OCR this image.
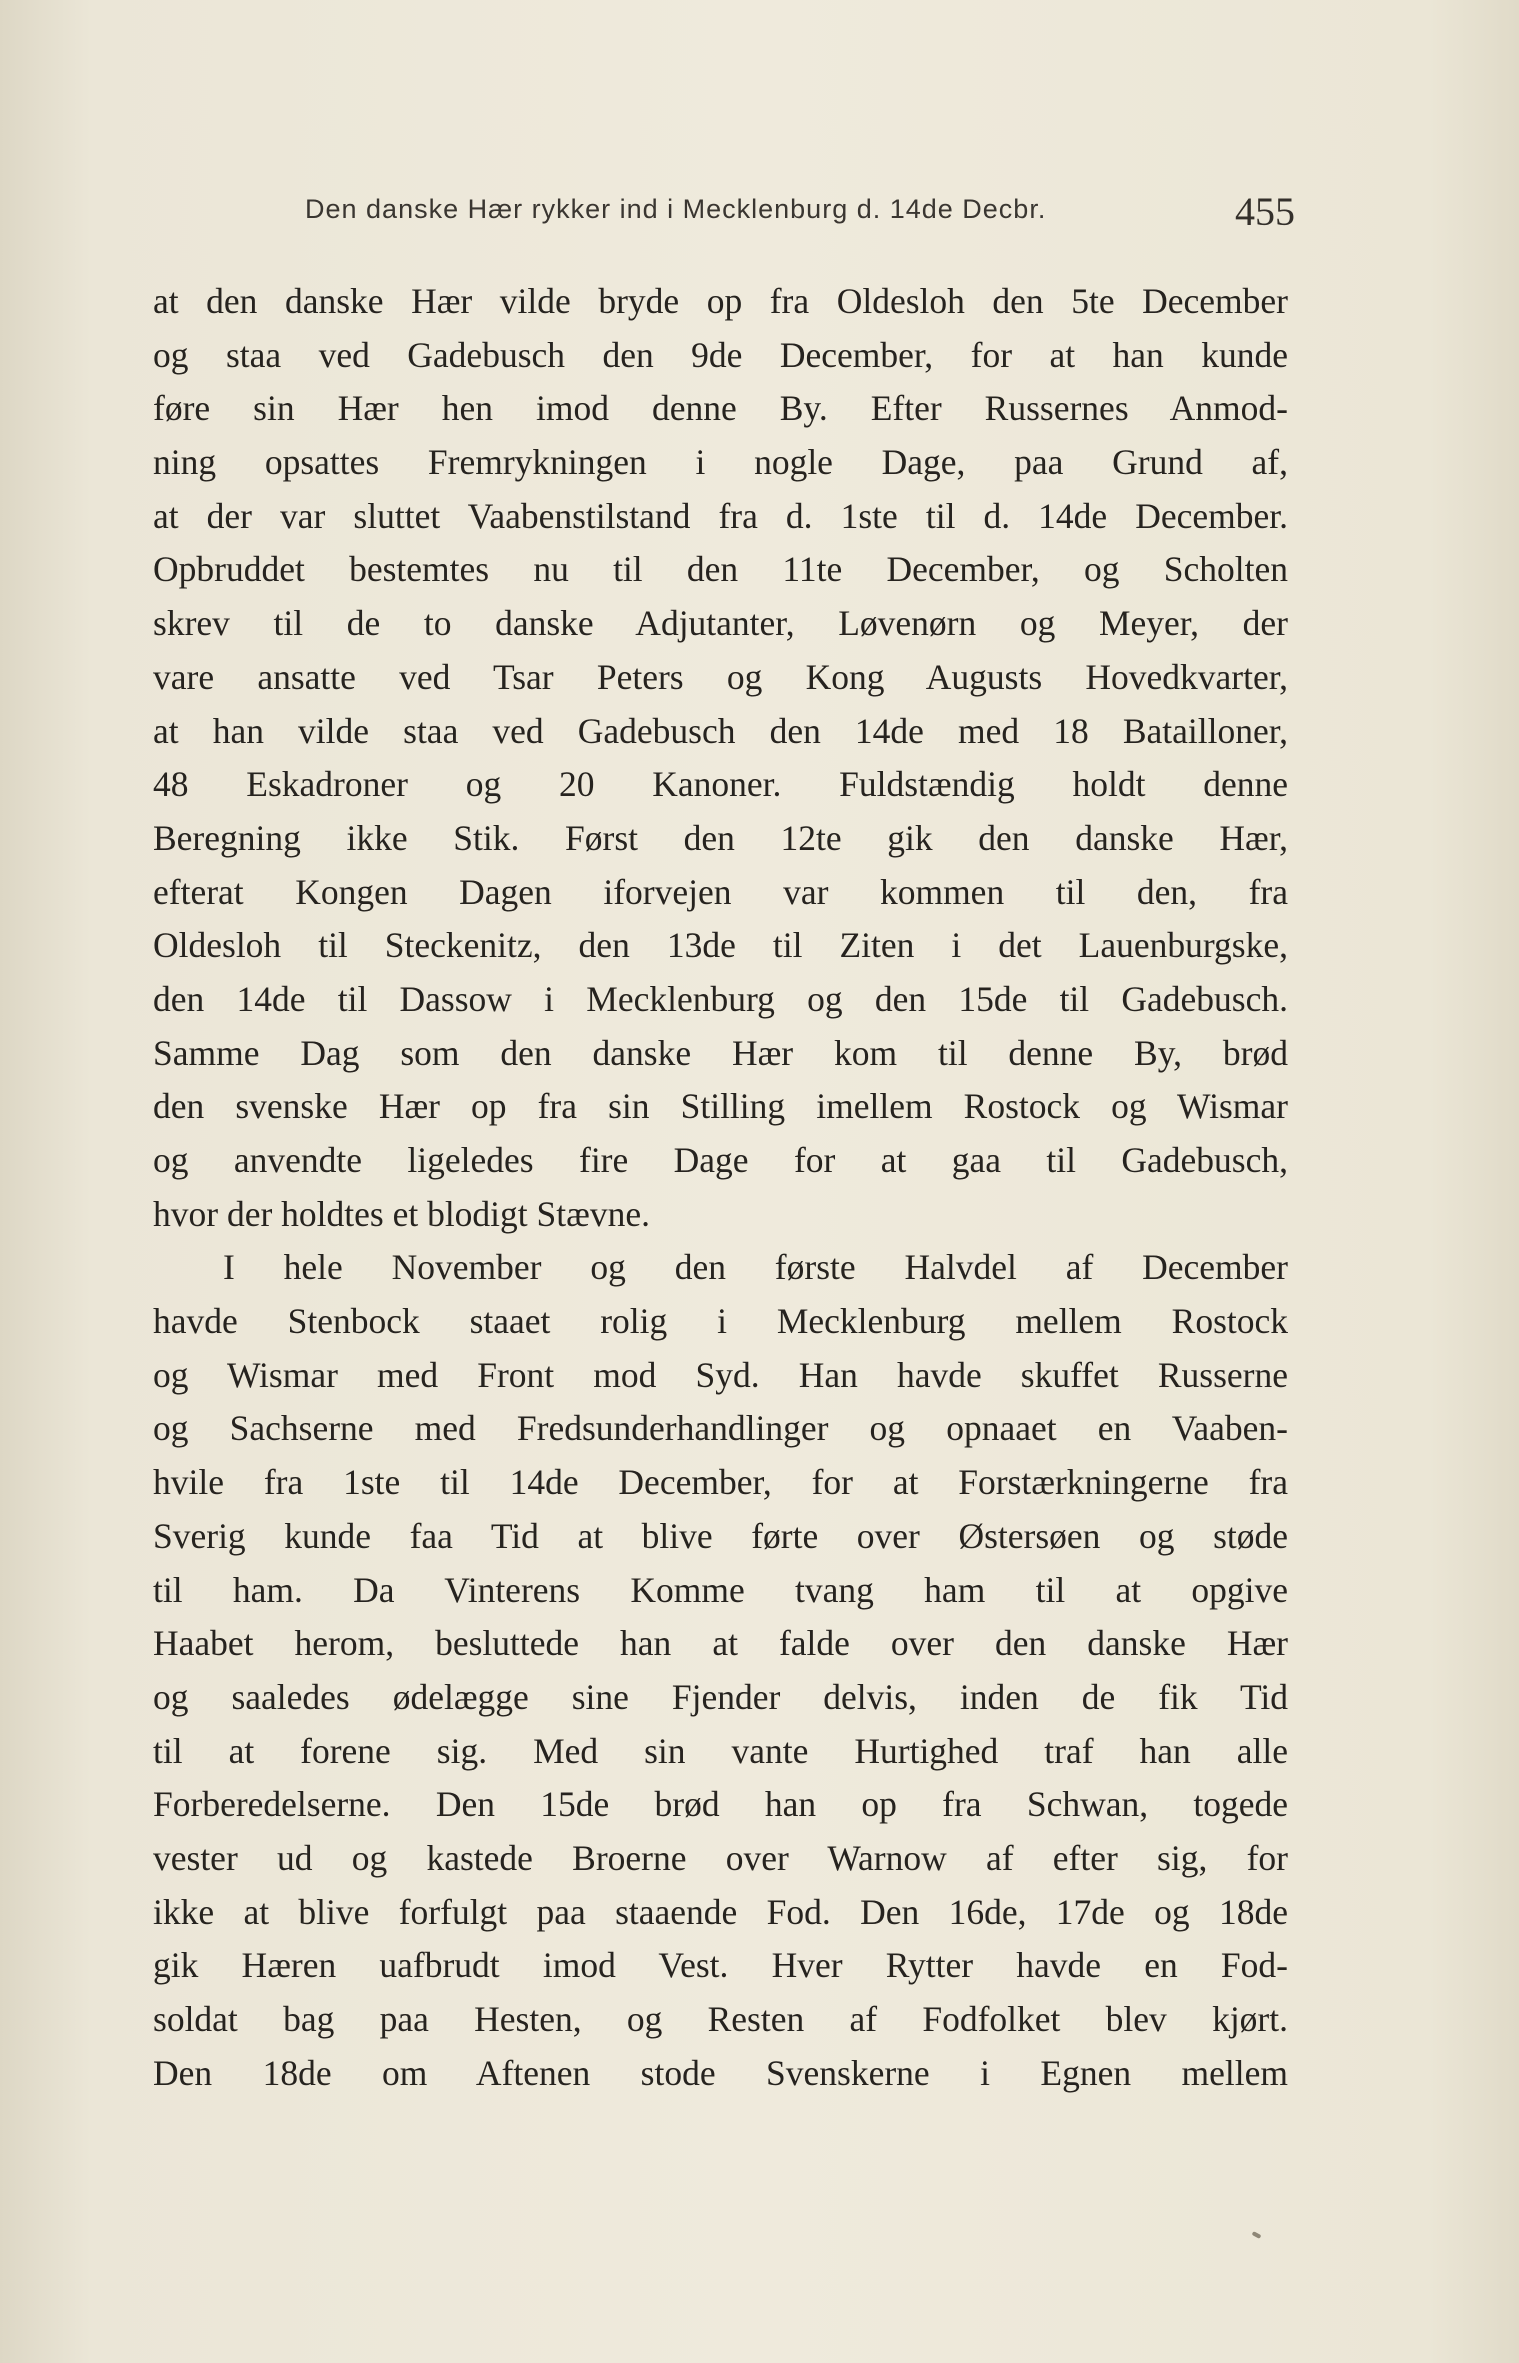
Den danske Hær rykker ind i Mecklenburg d. 14de Decbr.	455
at den danske Hær vilde bryde op fra Oldesloh den 5te December
og staa ved Gadebusch den 9de December, for at han kunde
føre sin Hær hen imod denne By. Efter Russernes Anmod-
ning opsattes Fremrykningen i nogle Dage, paa Grund af,
at der var sluttet Vaabenstilstand fra d. 1ste til d. 14de December.
Opbruddet bestemtes nu til den 11te December, og Scholten
skrev til de to danske Adjutanter, Løvenørn og Meyer, der
vare ansatte ved Tsar Peters og Kong Augusts Hovedkvarter,
at han vilde staa ved Gadebusch den 14de med 18 Batailloner,
48 Eskadroner og 20 Kanoner. Fuldstændig holdt denne
Beregning ikke Stik. Først den 12te gik den danske Hær,
efterat Kongen Dagen iforvejen var kommen til den, fra
Oldesloh til Steckenitz, den 13de til Ziten i det Lauenburgske,
den 14de til Dassow i Mecklenburg og den 15de til Gadebusch.
Samme Dag som den danske Hær kom til denne By, brød
den svenske Hær op fra sin Stilling imellem Rostock og Wismar
og anvendte ligeledes fire Dage for at gaa til Gadebusch,
hvor der holdtes et blodigt Stævne.
I hele November og den første Halvdel af December
havde Stenbock staaet rolig i Mecklenburg mellem Rostock
og Wismar med Front mod Syd. Han havde skuffet Russerne
og Sachserne med Fredsunderhandlinger og opnaaet en Vaaben-
hvile fra 1ste til 14de December, for at Forstærkningerne fra
Sverig kunde faa Tid at blive førte over Østersøen og støde
til ham. Da Vinterens Komme tvang ham til at opgive
Haabet herom, besluttede han at falde over den danske Hær
og saaledes ødelægge sine Fjender delvis, inden de fik Tid
til at forene sig. Med sin vante Hurtighed traf han alle
Forberedelserne. Den 15de brød han op fra Schwan, togede
vester ud og kastede Broerne over Warnow af efter sig, for
ikke at blive forfulgt paa staaende Fod. Den 16de, 17de og 18de
gik Hæren uafbrudt imod Vest. Hver Rytter havde en Fod-
soldat bag paa Hesten, og Resten af Fodfolket blev kjørt.
Den 18de om Aftenen stode Svenskerne i Egnen mellem
